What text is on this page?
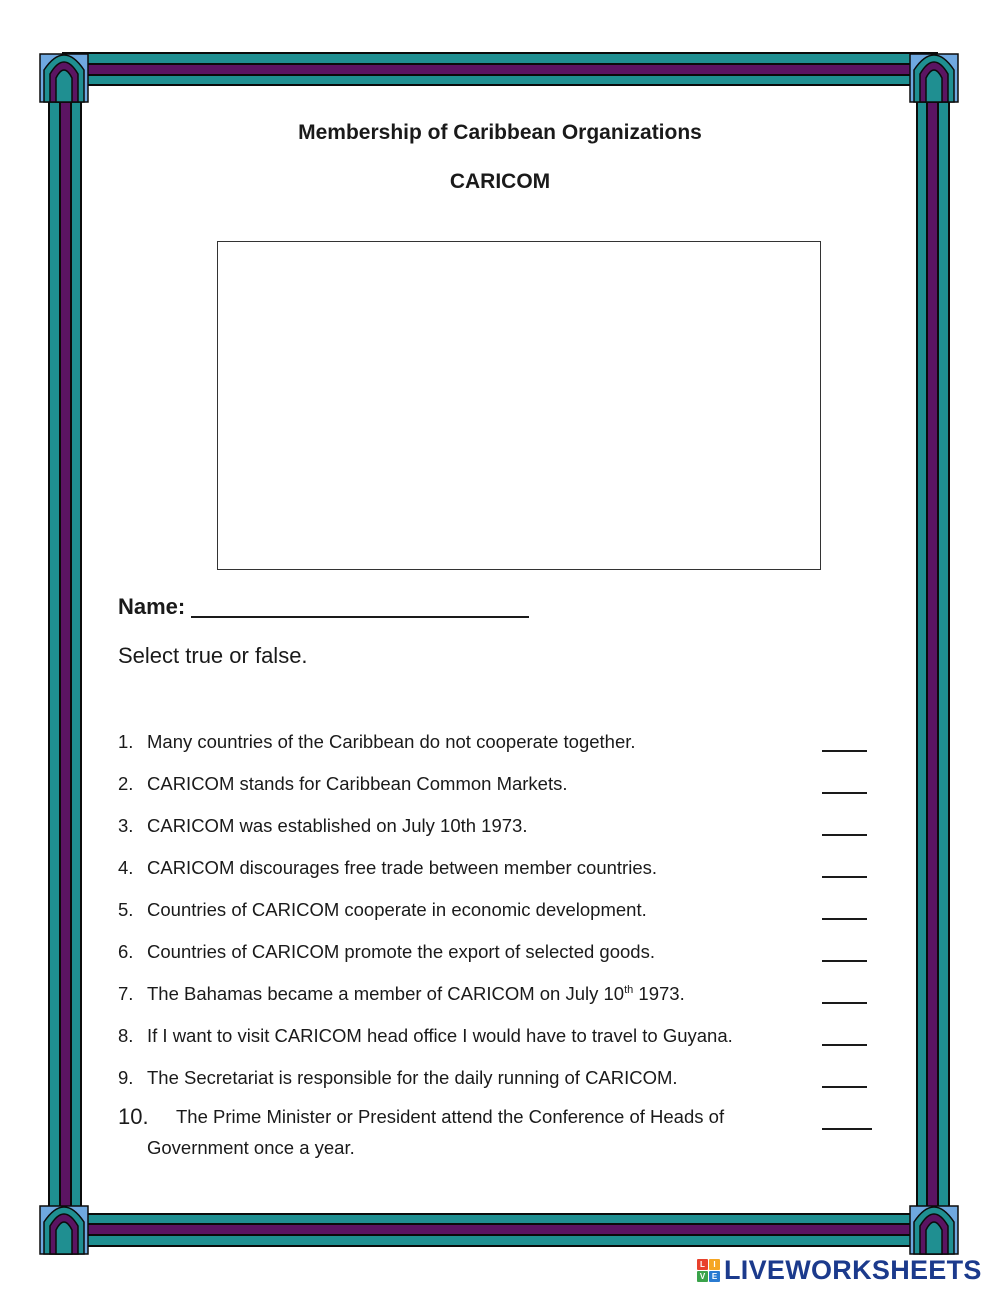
Membership of Caribbean Organizations
CARICOM
Name:
Select true or false.
1. Many countries of the Caribbean do not cooperate together.
2. CARICOM stands for Caribbean Common Markets.
3. CARICOM was established on July 10th 1973.
4. CARICOM discourages free trade between member countries.
5. Countries of CARICOM cooperate in economic development.
6. Countries of CARICOM promote the export of selected goods.
7. The Bahamas became a member of CARICOM on July 10th 1973.
8. If I want to visit CARICOM head office I would have to travel to Guyana.
9. The Secretariat is responsible for the daily running of CARICOM.
10.	The Prime Minister or President attend the Conference of Heads of Government once a year.
L	I
V E LIVEWORKSHEETS
